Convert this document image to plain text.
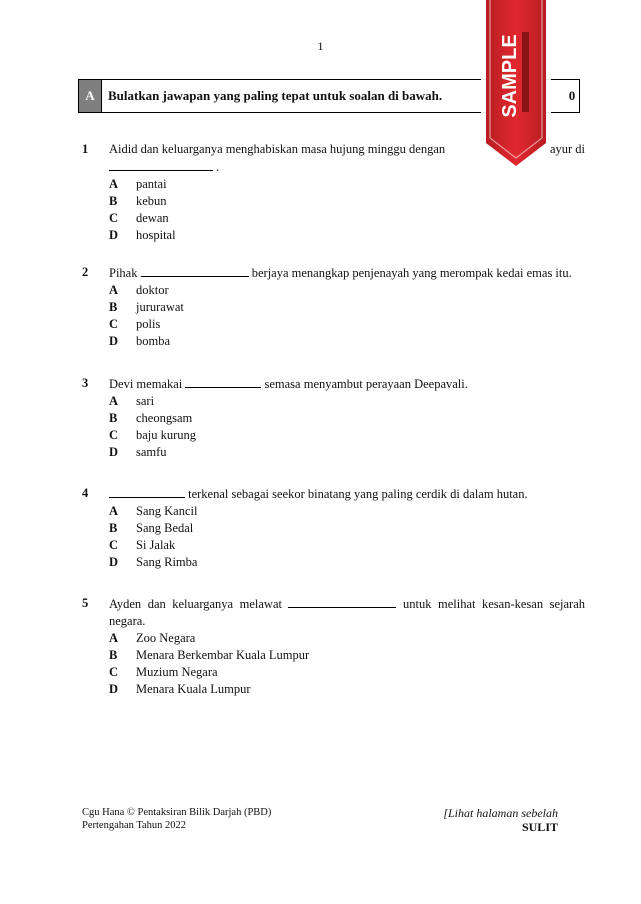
1
A	Bulatkan jawapan yang paling tepat untuk soalan di bawah.	0
1	Aidid dan keluarganya menghabiskan masa hujung minggu dengan	ayur di
.
A	pantai
B	kebun
C	dewan
D	hospital
2	Pihak	berjaya menangkap penjenayah yang merompak kedai emas itu.
A	doktor
B	jururawat
C	polis
D	bomba
3	Devi memakai	semasa menyambut perayaan Deepavali.
A	sari
B	cheongsam
C	baju kurung
D	samfu
4	terkenal sebagai seekor binatang yang paling cerdik di dalam hutan.
A	Sang Kancil
B	Sang Bedal
C	Si Jalak
D	Sang Rimba
5	Ayden dan keluarganya melawat	untuk melihat kesan-kesan sejarah negara.
A	Zoo Negara
B	Menara Berkembar Kuala Lumpur
C	Muzium Negara
D	Menara Kuala Lumpur
Cgu Hana © Pentaksiran Bilik Darjah (PBD)
Pertengahan Tahun 2022
[Lihat halaman sebelah
SULIT
SAMPLE
